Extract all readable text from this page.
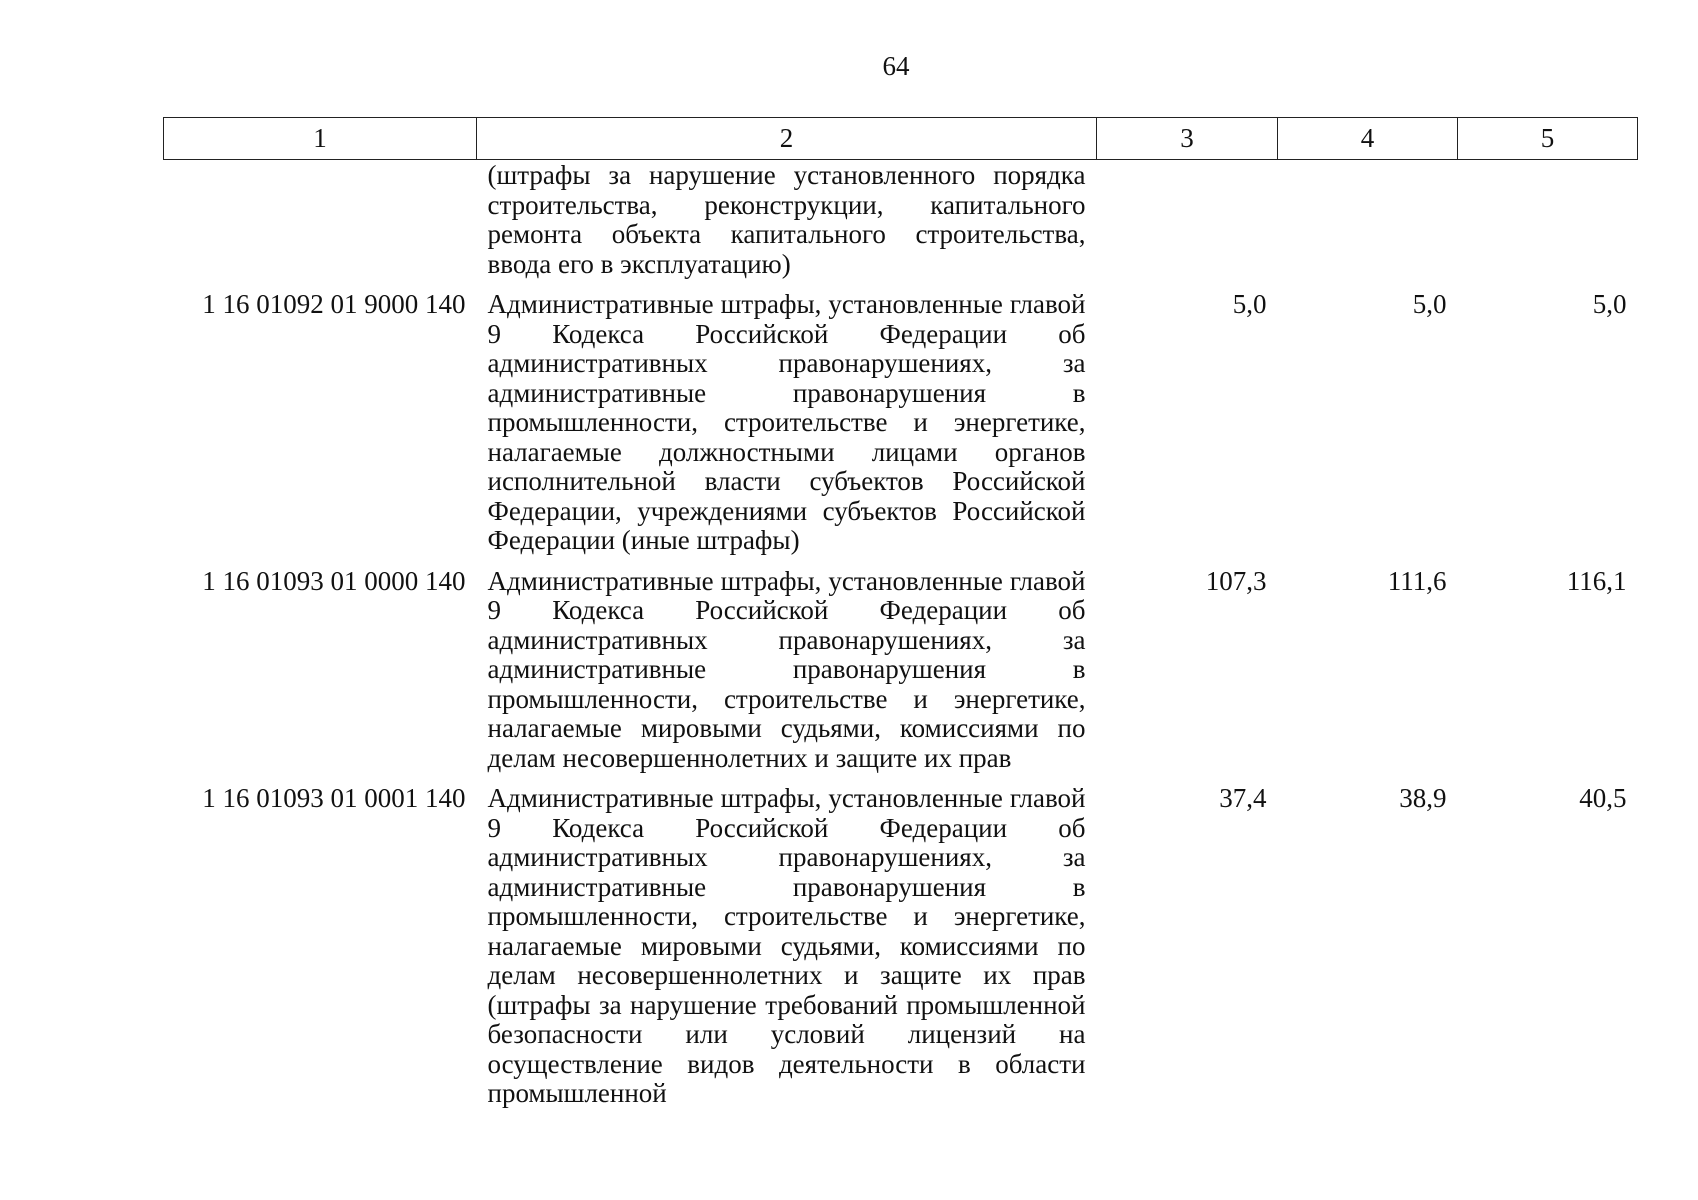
64
1	2	3	4	5
	(штрафы за нарушение установленного порядка строительства, реконструкции, капитального ремонта объекта капитального строительства, ввода его в эксплуатацию)			
1 16 01092 01 9000 140	Административные штрафы, установленные главой 9 Кодекса Российской Федерации об административных правонарушениях, за административные правонарушения в промышленности, строительстве и энергетике, налагаемые должностными лицами органов исполнительной власти субъектов Российской Федерации, учреждениями субъектов Российской Федерации (иные штрафы)	5,0	5,0	5,0
1 16 01093 01 0000 140	Административные штрафы, установленные главой 9 Кодекса Российской Федерации об административных правонарушениях, за административные правонарушения в промышленности, строительстве и энергетике, налагаемые мировыми судьями, комиссиями по делам несовершеннолетних и защите их прав	107,3	111,6	116,1
1 16 01093 01 0001 140	Административные штрафы, установленные главой 9 Кодекса Российской Федерации об административных правонарушениях, за административные правонарушения в промышленности, строительстве и энергетике, налагаемые мировыми судьями, комиссиями по делам несовершеннолетних и защите их прав (штрафы за нарушение требований промышленной безопасности или условий лицензий на осуществление видов деятельности в области промышленной	37,4	38,9	40,5
